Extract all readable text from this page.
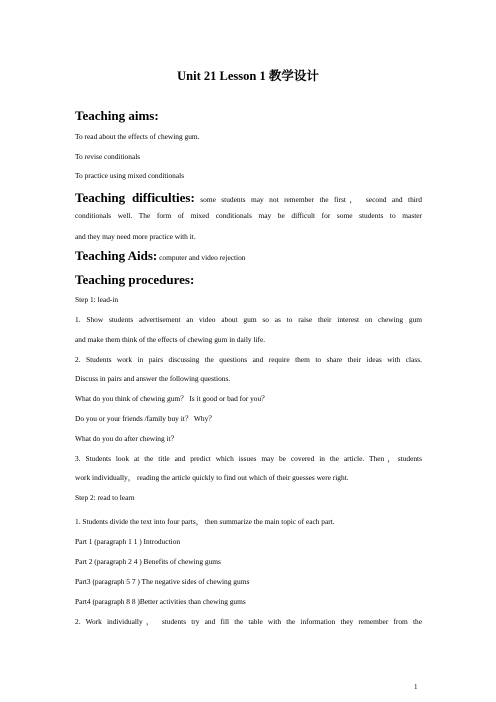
Unit 21 Lesson 1 教学设计
Teaching aims:
To read about the effects of chewing gum.
To revise conditionals
To practice using mixed conditionals
Teaching difficulties: some students may not remember the first， second and third
conditionals well. The form of mixed conditionals may be difficult for some students to master
and they may need more practice with it.
Teaching Aids: computer and video rejection
Teaching procedures:
Step 1: lead-in
1. Show students advertisement an video about gum so as to raise their interest on chewing gum
and make them think of the effects of chewing gum in daily life.
2. Students work in pairs discussing the questions and require them to share their ideas with class.
Discuss in pairs and answer the following questions.
What do you think of chewing gum？ Is it good or bad for you？
Do you or your friends /family buy it？ Why？
What do you do after chewing it？
3. Students look at the title and predict which issues may be covered in the article. Then，students
work individually， reading the article quickly to find out which of their guesses were right.
Step 2: read to learn
1. Students divide the text into four parts， then summarize the main topic of each part.
Part 1 (paragraph 1 1 ) Introduction
Part 2 (paragraph 2 4 ) Benefits of chewing gums
Part3 (paragraph 5 7 ) The negative sides of chewing gums
Part4 (paragraph 8 8 )Better activities than chewing gums
2. Work individually， students try and fill the table with the information they remember from the
1
